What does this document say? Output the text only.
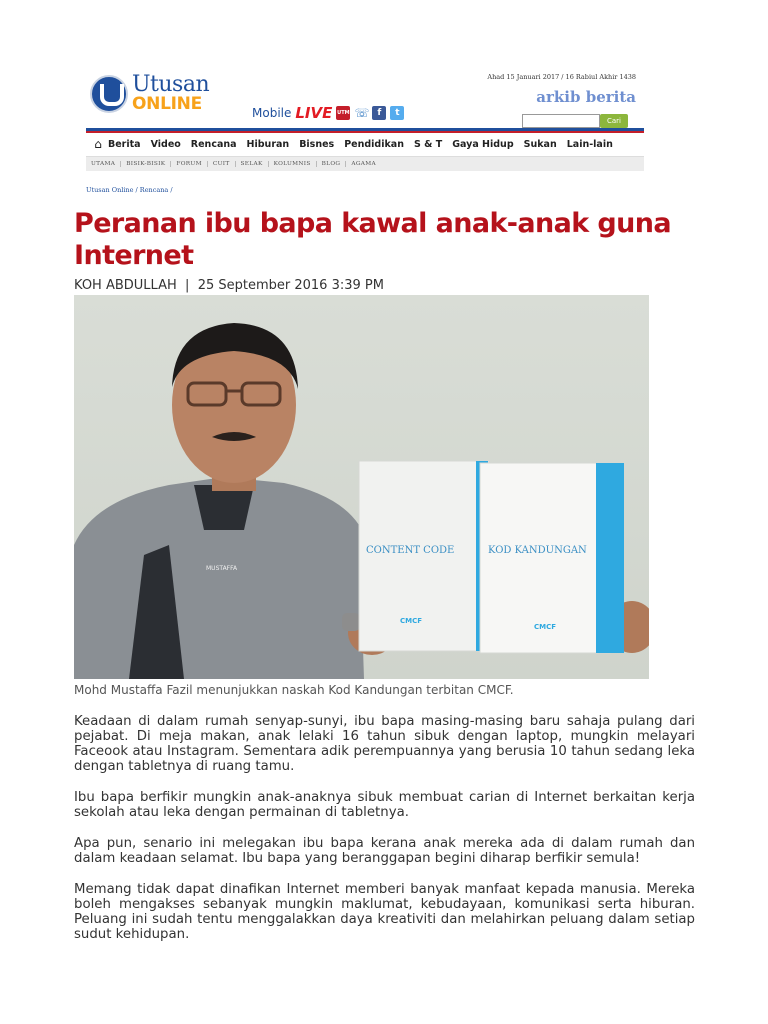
Utusan
ONLINE
Ahad 15 Januari 2017 / 16 Rabiul Akhir 1438
arkib berita
Cari
Mobile LIVE UTM ☏ f	t
⌂ Berita Video Rencana Hiburan Bisnes Pendidikan S & T Gaya Hidup Sukan Lain-lain
UTAMA	BISIK-BISIK	FORUM	CUIT	SELAK	KOLUMNIS	BLOG	AGAMA
Utusan Online / Rencana /
Peranan ibu bapa kawal anak-anak guna Internet
KOH ABDULLAH  |  25 September 2016 3:39 PM
MUSTAFFA
CONTENT CODE
CMCF
KOD KANDUNGAN
CMCF
Mohd Mustaffa Fazil menunjukkan naskah Kod Kandungan terbitan CMCF.

Keadaan di dalam rumah senyap-sunyi, ibu bapa masing-masing baru sahaja pulang dari pejabat. Di meja makan, anak lelaki 16 tahun sibuk dengan laptop, mungkin melayari Faceook atau Instagram. Sementara adik perempuannya yang berusia 10 tahun sedang leka dengan tabletnya di ruang tamu.

Ibu bapa berfikir mungkin anak-anaknya sibuk membuat carian di Internet berkaitan kerja sekolah atau leka dengan permainan di tabletnya.

Apa pun, senario ini melegakan ibu bapa kerana anak mereka ada di dalam rumah dan dalam keadaan selamat. Ibu bapa yang beranggapan begini diharap berfikir semula!

Memang tidak dapat dinafikan Internet memberi banyak manfaat kepada manusia. Mereka boleh mengakses sebanyak mungkin maklumat, kebudayaan, komunikasi serta hiburan. Peluang ini sudah tentu menggalakkan daya kreativiti dan melahirkan peluang dalam setiap sudut kehidupan.
